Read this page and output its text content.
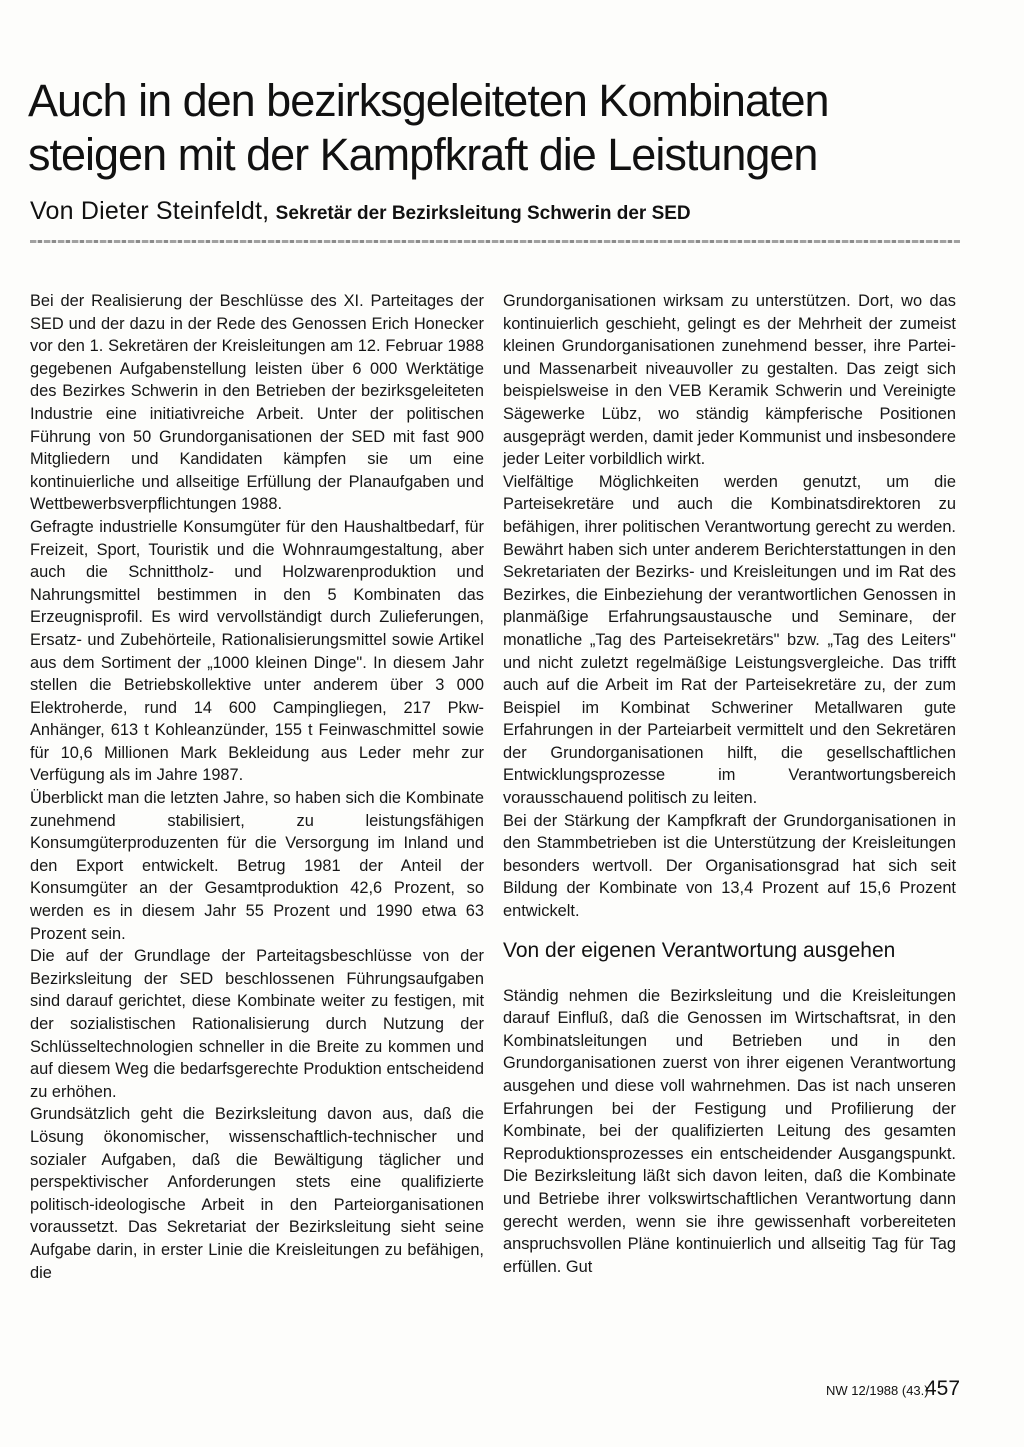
Auch in den bezirksgeleiteten Kombinaten
steigen mit der Kampfkraft die Leistungen

Von Dieter Steinfeldt, Sekretär der Bezirksleitung Schwerin der SED

Bei der Realisierung der Beschlüsse des XI. Parteitages der SED und der dazu in der Rede des Genossen Erich Honecker vor den 1. Sekretären der Kreisleitungen am 12. Februar 1988 gegebenen Aufgabenstellung leisten über 6 000 Werktätige des Bezirkes Schwerin in den Betrieben der bezirksgeleiteten Industrie eine initiativreiche Arbeit. Unter der politischen Führung von 50 Grundorganisationen der SED mit fast 900 Mitgliedern und Kandidaten kämpfen sie um eine kontinuierliche und allseitige Erfüllung der Planaufgaben und Wettbewerbsverpflichtungen 1988.

Gefragte industrielle Konsumgüter für den Haushaltbedarf, für Freizeit, Sport, Touristik und die Wohnraumgestaltung, aber auch die Schnittholz- und Holzwarenproduktion und Nahrungsmittel bestimmen in den 5 Kombinaten das Erzeugnisprofil. Es wird vervollständigt durch Zulieferungen, Ersatz- und Zubehörteile, Rationalisierungsmittel sowie Artikel aus dem Sortiment der „1000 kleinen Dinge". In diesem Jahr stellen die Betriebskollektive unter anderem über 3 000 Elektroherde, rund 14 600 Campingliegen, 217 Pkw-Anhänger, 613 t Kohleanzünder, 155 t Feinwaschmittel sowie für 10,6 Millionen Mark Bekleidung aus Leder mehr zur Verfügung als im Jahre 1987.

Überblickt man die letzten Jahre, so haben sich die Kombinate zunehmend stabilisiert, zu leistungsfähigen Konsumgüterproduzenten für die Versorgung im Inland und den Export entwickelt. Betrug 1981 der Anteil der Konsumgüter an der Gesamtproduktion 42,6 Prozent, so werden es in diesem Jahr 55 Prozent und 1990 etwa 63 Prozent sein.

Die auf der Grundlage der Parteitagsbeschlüsse von der Bezirksleitung der SED beschlossenen Führungsaufgaben sind darauf gerichtet, diese Kombinate weiter zu festigen, mit der sozialistischen Rationalisierung durch Nutzung der Schlüsseltechnologien schneller in die Breite zu kommen und auf diesem Weg die bedarfsgerechte Produktion entscheidend zu erhöhen.

Grundsätzlich geht die Bezirksleitung davon aus, daß die Lösung ökonomischer, wissenschaftlich-technischer und sozialer Aufgaben, daß die Bewältigung täglicher und perspektivischer Anforderungen stets eine qualifizierte politisch-ideologische Arbeit in den Parteiorganisationen voraussetzt. Das Sekretariat der Bezirksleitung sieht seine Aufgabe darin, in erster Linie die Kreisleitungen zu befähigen, die

Grundorganisationen wirksam zu unterstützen. Dort, wo das kontinuierlich geschieht, gelingt es der Mehrheit der zumeist kleinen Grundorganisationen zunehmend besser, ihre Partei- und Massenarbeit niveauvoller zu gestalten. Das zeigt sich beispielsweise in den VEB Keramik Schwerin und Vereinigte Sägewerke Lübz, wo ständig kämpferische Positionen ausgeprägt werden, damit jeder Kommunist und insbesondere jeder Leiter vorbildlich wirkt.

Vielfältige Möglichkeiten werden genutzt, um die Parteisekretäre und auch die Kombinatsdirektoren zu befähigen, ihrer politischen Verantwortung gerecht zu werden. Bewährt haben sich unter anderem Berichterstattungen in den Sekretariaten der Bezirks- und Kreisleitungen und im Rat des Bezirkes, die Einbeziehung der verantwortlichen Genossen in planmäßige Erfahrungsaustausche und Seminare, der monatliche „Tag des Parteisekretärs" bzw. „Tag des Leiters" und nicht zuletzt regelmäßige Leistungsvergleiche. Das trifft auch auf die Arbeit im Rat der Parteisekretäre zu, der zum Beispiel im Kombinat Schweriner Metallwaren gute Erfahrungen in der Parteiarbeit vermittelt und den Sekretären der Grundorganisationen hilft, die gesellschaftlichen Entwicklungsprozesse im Verantwortungsbereich vorausschauend politisch zu leiten.

Bei der Stärkung der Kampfkraft der Grundorganisationen in den Stammbetrieben ist die Unterstützung der Kreisleitungen besonders wertvoll. Der Organisationsgrad hat sich seit Bildung der Kombinate von 13,4 Prozent auf 15,6 Prozent entwickelt.

Von der eigenen Verantwortung ausgehen

Ständig nehmen die Bezirksleitung und die Kreisleitungen darauf Einfluß, daß die Genossen im Wirtschaftsrat, in den Kombinatsleitungen und Betrieben und in den Grundorganisationen zuerst von ihrer eigenen Verantwortung ausgehen und diese voll wahrnehmen. Das ist nach unseren Erfahrungen bei der Festigung und Profilierung der Kombinate, bei der qualifizierten Leitung des gesamten Reproduktionsprozesses ein entscheidender Ausgangspunkt. Die Bezirksleitung läßt sich davon leiten, daß die Kombinate und Betriebe ihrer volkswirtschaftlichen Verantwortung dann gerecht werden, wenn sie ihre gewissenhaft vorbereiteten anspruchsvollen Pläne kontinuierlich und allseitig Tag für Tag erfüllen. Gut

NW 12/1988 (43.)
457
